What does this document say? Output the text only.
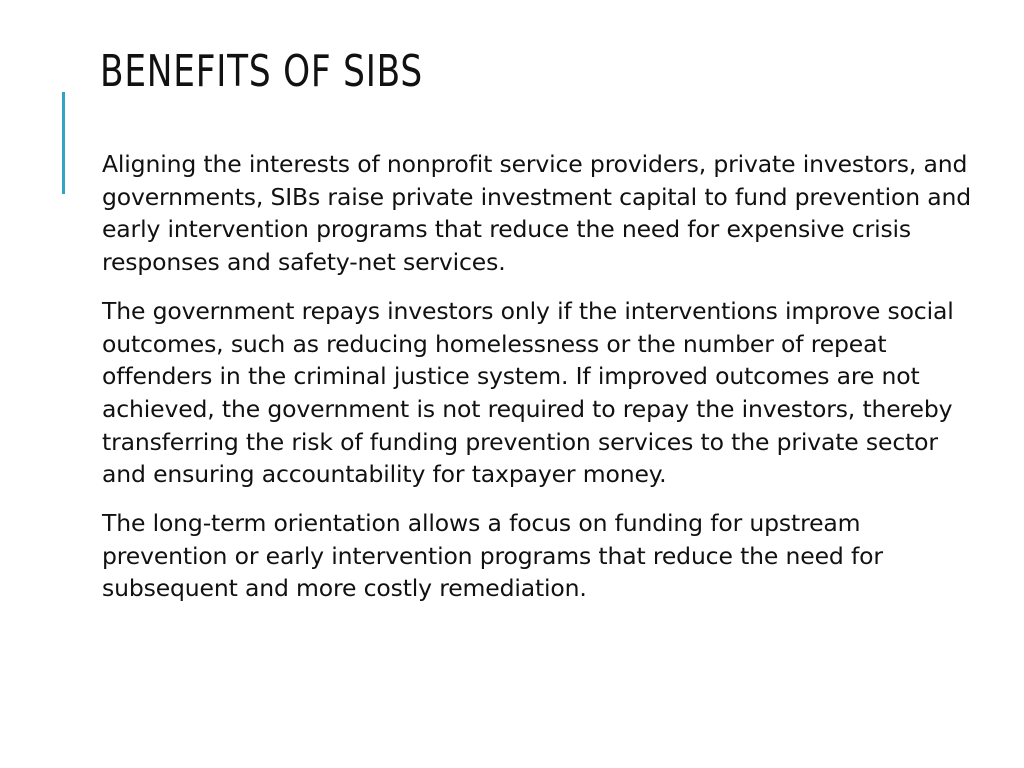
BENEFITS OF SIBS

Aligning the interests of nonprofit service providers, private investors, and governments, SIBs raise private investment capital to fund prevention and early intervention programs that reduce the need for expensive crisis responses and safety-net services.

The government repays investors only if the interventions improve social outcomes, such as reducing homelessness or the number of repeat offenders in the criminal justice system. If improved outcomes are not achieved, the government is not required to repay the investors, thereby transferring the risk of funding prevention services to the private sector and ensuring accountability for taxpayer money.

The long-term orientation allows a focus on funding for upstream prevention or early intervention programs that reduce the need for subsequent and more costly remediation.
